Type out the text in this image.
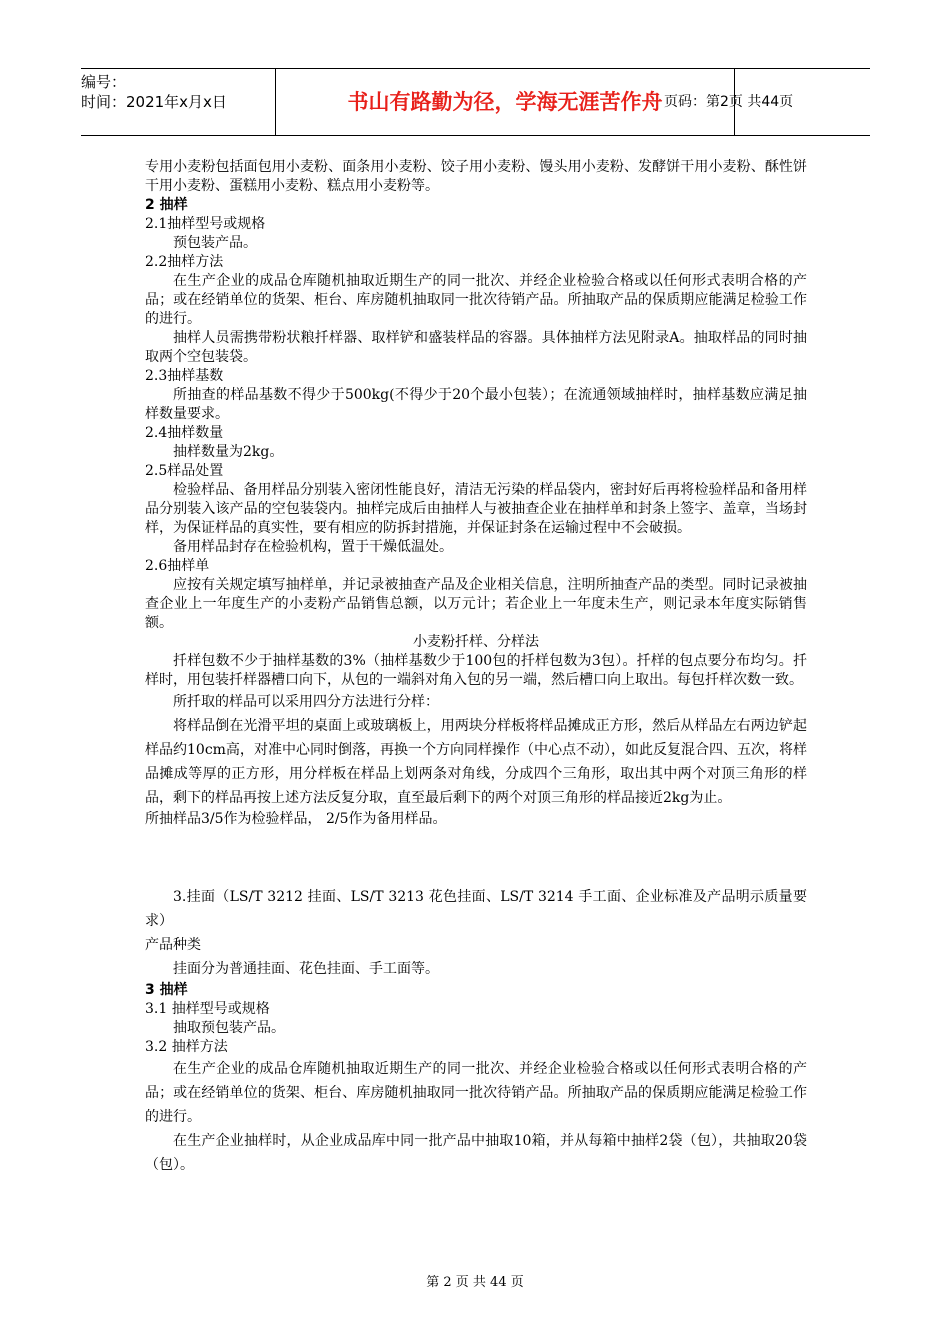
编号：
时间：2021年x月x日	书山有路勤为径，学海无涯苦作舟 页码：第2页 共44页

专用小麦粉包括面包用小麦粉、面条用小麦粉、饺子用小麦粉、馒头用小麦粉、发酵饼干用小麦粉、酥性饼干用小麦粉、蛋糕用小麦粉、糕点用小麦粉等。

2 抽样

2.1抽样型号或规格

预包装产品。

2.2抽样方法

在生产企业的成品仓库随机抽取近期生产的同一批次、并经企业检验合格或以任何形式表明合格的产品；或在经销单位的货架、柜台、库房随机抽取同一批次待销产品。所抽取产品的保质期应能满足检验工作的进行。

抽样人员需携带粉状粮扦样器、取样铲和盛装样品的容器。具体抽样方法见附录A。抽取样品的同时抽取两个空包装袋。

2.3抽样基数

所抽查的样品基数不得少于500kg(不得少于20个最小包装）；在流通领域抽样时，抽样基数应满足抽样数量要求。

2.4抽样数量

抽样数量为2kg。

2.5样品处置

检验样品、备用样品分别装入密闭性能良好，清洁无污染的样品袋内，密封好后再将检验样品和备用样品分别装入该产品的空包装袋内。抽样完成后由抽样人与被抽查企业在抽样单和封条上签字、盖章，当场封样，为保证样品的真实性，要有相应的防拆封措施，并保证封条在运输过程中不会破损。

备用样品封存在检验机构，置于干燥低温处。

2.6抽样单

应按有关规定填写抽样单，并记录被抽查产品及企业相关信息，注明所抽查产品的类型。同时记录被抽查企业上一年度生产的小麦粉产品销售总额，以万元计；若企业上一年度未生产，则记录本年度实际销售额。

小麦粉扦样、分样法

扦样包数不少于抽样基数的3%（抽样基数少于100包的扦样包数为3包）。扦样的包点要分布均匀。扦样时，用包装扦样器槽口向下，从包的一端斜对角入包的另一端，然后槽口向上取出。每包扦样次数一致。

所扦取的样品可以采用四分方法进行分样：

将样品倒在光滑平坦的桌面上或玻璃板上，用两块分样板将样品摊成正方形，然后从样品左右两边铲起样品约10cm高，对准中心同时倒落，再换一个方向同样操作（中心点不动），如此反复混合四、五次，将样品摊成等厚的正方形，用分样板在样品上划两条对角线，分成四个三角形，取出其中两个对顶三角形的样品，剩下的样品再按上述方法反复分取，直至最后剩下的两个对顶三角形的样品接近2kg为止。

所抽样品3/5作为检验样品， 2/5作为备用样品。

3.挂面（LS/T 3212 挂面、LS/T 3213 花色挂面、LS/T 3214 手工面、企业标准及产品明示质量要求）

产品种类

挂面分为普通挂面、花色挂面、手工面等。

3 抽样

3.1 抽样型号或规格

抽取预包装产品。

3.2 抽样方法

在生产企业的成品仓库随机抽取近期生产的同一批次、并经企业检验合格或以任何形式表明合格的产品；或在经销单位的货架、柜台、库房随机抽取同一批次待销产品。所抽取产品的保质期应能满足检验工作的进行。

在生产企业抽样时，从企业成品库中同一批产品中抽取10箱，并从每箱中抽样2袋（包），共抽取20袋（包）。

第 2 页 共 44 页
